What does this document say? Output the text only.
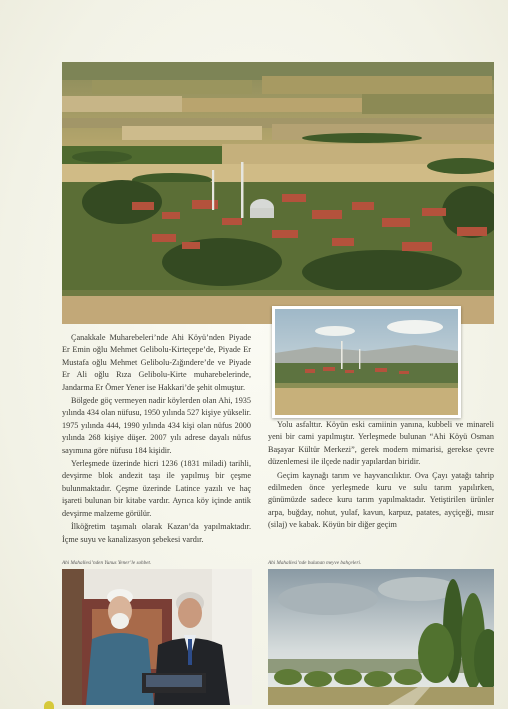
Çanakkale Muharebeleri’nde Ahi Köyü’nden Piyade Er Emin oğlu Mehmet Gelibolu-Kirteçepe’de, Piyade Er Mustafa oğlu Mehmet Gelibolu-Zığındere’de ve Piyade Er Ali oğlu Rıza Gelibolu-Kirte muharebelerinde, Jandarma Er Ömer Yener ise Hakkari’de şehit olmuştur.

Bölgede göç vermeyen nadir köylerden olan Ahi, 1935 yılında 434 olan nüfusu, 1950 yılında 527 kişiye yükselir. 1975 yılında 444, 1990 yılında 434 kişi olan nüfus 2000 yılında 268 kişiye düşer. 2007 yılı adrese dayalı nüfus sayımına göre nüfusu 184 kişidir.

Yerleşmede üzerinde hicri 1236 (1831 miladi) tarihli, devşirme blok andezit taşı ile yapılmış bir çeşme bulunmaktadır. Çeşme üzerinde Latince yazılı ve haç işareti bulunan bir kitabe vardır. Ayrıca köy içinde antik devşirme malzeme görülür.

İlköğretim taşımalı olarak Kazan’da yapılmaktadır. İçme suyu ve kanalizasyon şebekesi vardır.

Yolu asfalttır. Köyün eski camiinin yanına, kubbeli ve minareli yeni bir cami yapılmıştır. Yerleşmede bulunan “Ahi Köyü Osman Başayar Kültür Merkezi”, gerek modern mimarisi, gerekse çevre düzenlemesi ile ilçede nadir yapılardan biridir.

Geçim kaynağı tarım ve hayvancılıktır. Ova Çayı yatağı tahrip edilmeden önce yerleşmede kuru ve sulu tarım yapılırken, günümüzde sadece kuru tarım yapılmaktadır. Yetiştirilen ürünler arpa, buğday, nohut, yulaf, kavun, karpuz, patates, ayçiçeği, mısır (silaj) ve kabak. Köyün bir diğer geçim

Ahi Mahallesi’nden Yunus Yener’le sohbet.	Ahi Mahallesi’nde bulunan meyve bahçeleri.
